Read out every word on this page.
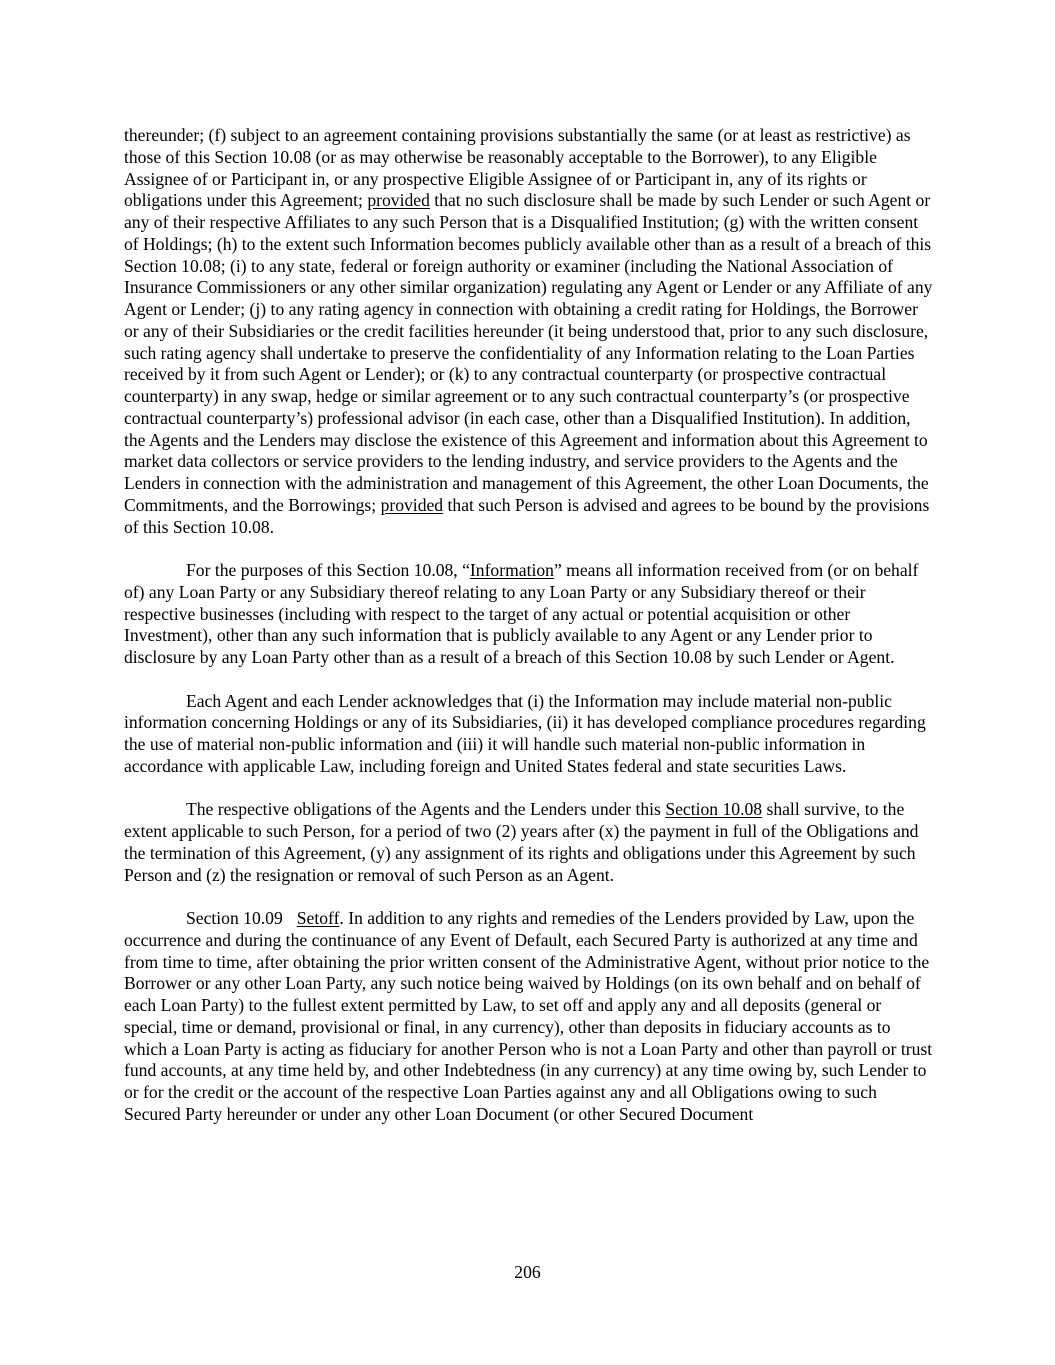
thereunder; (f) subject to an agreement containing provisions substantially the same (or at least as restrictive) as those of this Section 10.08 (or as may otherwise be reasonably acceptable to the Borrower), to any Eligible Assignee of or Participant in, or any prospective Eligible Assignee of or Participant in, any of its rights or obligations under this Agreement; provided that no such disclosure shall be made by such Lender or such Agent or any of their respective Affiliates to any such Person that is a Disqualified Institution; (g) with the written consent of Holdings; (h) to the extent such Information becomes publicly available other than as a result of a breach of this Section 10.08; (i) to any state, federal or foreign authority or examiner (including the National Association of Insurance Commissioners or any other similar organization) regulating any Agent or Lender or any Affiliate of any Agent or Lender; (j) to any rating agency in connection with obtaining a credit rating for Holdings, the Borrower or any of their Subsidiaries or the credit facilities hereunder (it being understood that, prior to any such disclosure, such rating agency shall undertake to preserve the confidentiality of any Information relating to the Loan Parties received by it from such Agent or Lender); or (k) to any contractual counterparty (or prospective contractual counterparty) in any swap, hedge or similar agreement or to any such contractual counterparty’s (or prospective contractual counterparty’s) professional advisor (in each case, other than a Disqualified Institution). In addition, the Agents and the Lenders may disclose the existence of this Agreement and information about this Agreement to market data collectors or service providers to the lending industry, and service providers to the Agents and the Lenders in connection with the administration and management of this Agreement, the other Loan Documents, the Commitments, and the Borrowings; provided that such Person is advised and agrees to be bound by the provisions of this Section 10.08.

For the purposes of this Section 10.08, “Information” means all information received from (or on behalf of) any Loan Party or any Subsidiary thereof relating to any Loan Party or any Subsidiary thereof or their respective businesses (including with respect to the target of any actual or potential acquisition or other Investment), other than any such information that is publicly available to any Agent or any Lender prior to disclosure by any Loan Party other than as a result of a breach of this Section 10.08 by such Lender or Agent.

Each Agent and each Lender acknowledges that (i) the Information may include material non-public information concerning Holdings or any of its Subsidiaries, (ii) it has developed compliance procedures regarding the use of material non-public information and (iii) it will handle such material non-public information in accordance with applicable Law, including foreign and United States federal and state securities Laws.

The respective obligations of the Agents and the Lenders under this Section 10.08 shall survive, to the extent applicable to such Person, for a period of two (2) years after (x) the payment in full of the Obligations and the termination of this Agreement, (y) any assignment of its rights and obligations under this Agreement by such Person and (z) the resignation or removal of such Person as an Agent.

Section 10.09 Setoff. In addition to any rights and remedies of the Lenders provided by Law, upon the occurrence and during the continuance of any Event of Default, each Secured Party is authorized at any time and from time to time, after obtaining the prior written consent of the Administrative Agent, without prior notice to the Borrower or any other Loan Party, any such notice being waived by Holdings (on its own behalf and on behalf of each Loan Party) to the fullest extent permitted by Law, to set off and apply any and all deposits (general or special, time or demand, provisional or final, in any currency), other than deposits in fiduciary accounts as to which a Loan Party is acting as fiduciary for another Person who is not a Loan Party and other than payroll or trust fund accounts, at any time held by, and other Indebtedness (in any currency) at any time owing by, such Lender to or for the credit or the account of the respective Loan Parties against any and all Obligations owing to such Secured Party hereunder or under any other Loan Document (or other Secured Document

206
